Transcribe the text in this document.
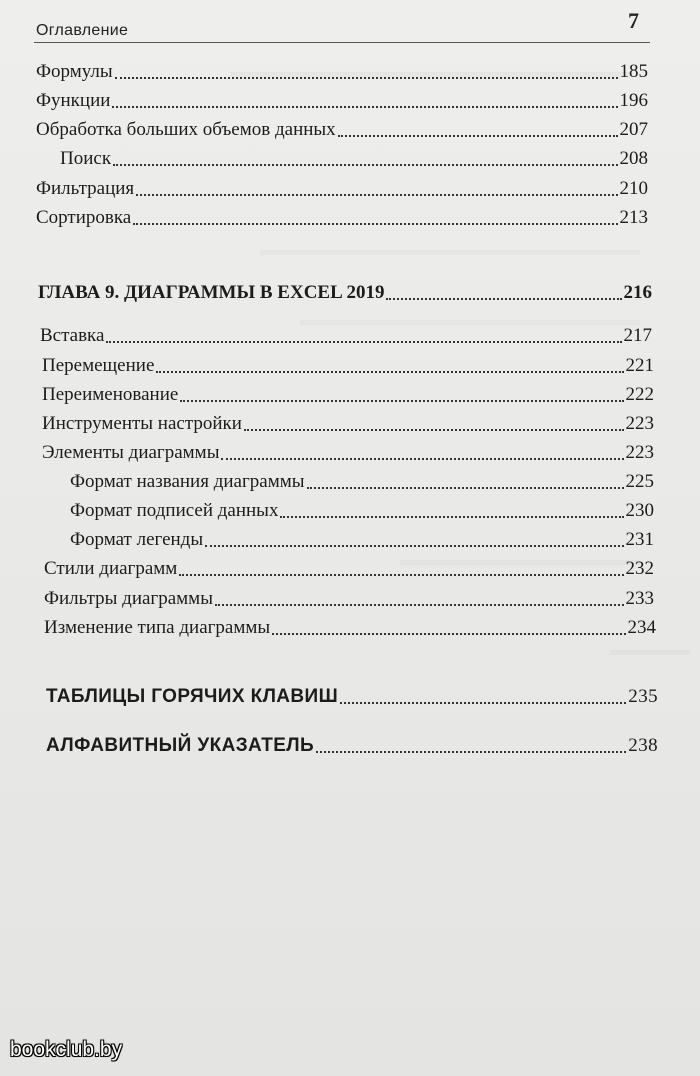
Оглавление	7
Формулы	185
Функции	196
Обработка больших объемов данных	207
Поиск	208
Фильтрация	210
Сортировка	213
ГЛАВА 9. ДИАГРАММЫ В EXCEL 2019	216
Вставка	217
Перемещение	221
Переименование	222
Инструменты настройки	223
Элементы диаграммы	223
Формат названия диаграммы	225
Формат подписей данных	230
Формат легенды	231
Стили диаграмм	232
Фильтры диаграммы	233
Изменение типа диаграммы	234
ТАБЛИЦЫ ГОРЯЧИХ КЛАВИШ	235
АЛФАВИТНЫЙ УКАЗАТЕЛЬ	238
bookclub.by
